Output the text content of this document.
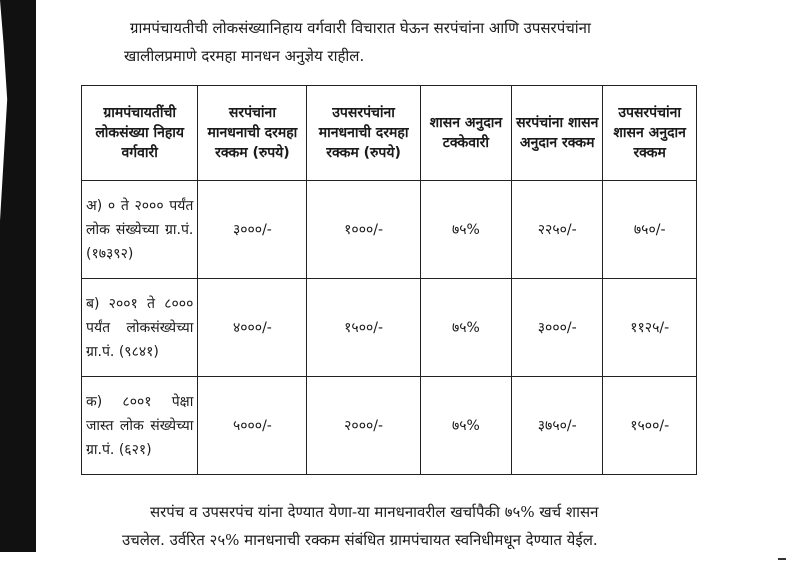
ग्रामपंचायतीची लोकसंख्यानिहाय वर्गवारी विचारात घेऊन सरपंचांना आणि उपसरपंचांना
खालीलप्रमाणे दरमहा मानधन अनुज्ञेय राहील.
ग्रामपंचायतींची लोकसंख्या निहाय वर्गवारी	सरपंचांना मानधनाची दरमहा रक्कम (रुपये)	उपसरपंचांना मानधनाची दरमहा रक्कम (रुपये)	शासन अनुदान टक्केवारी	सरपंचांना शासन अनुदान रक्कम	उपसरपंचांना शासन अनुदान रक्कम
अ) ० ते २००० पर्यंत लोक संख्येच्या ग्रा.पं. (१७३९२)	३०००/-	१०००/-	७५%	२२५०/-	७५०/-
ब) २००१ ते ८००० पर्यंत लोकसंख्येच्या ग्रा.पं. (९८४१)	४०००/-	१५००/-	७५%	३०००/-	११२५/-
क) ८००१ पेक्षा जास्त लोक संख्येच्या ग्रा.पं. (६२१)	५०००/-	२०००/-	७५%	३७५०/-	१५००/-
सरपंच व उपसरपंच यांना देण्यात येणा-या मानधनावरील खर्चापैकी ७५% खर्च शासन
उचलेल. उर्वरित २५% मानधनाची रक्कम संबंधित ग्रामपंचायत स्वनिधीमधून देण्यात येईल.
